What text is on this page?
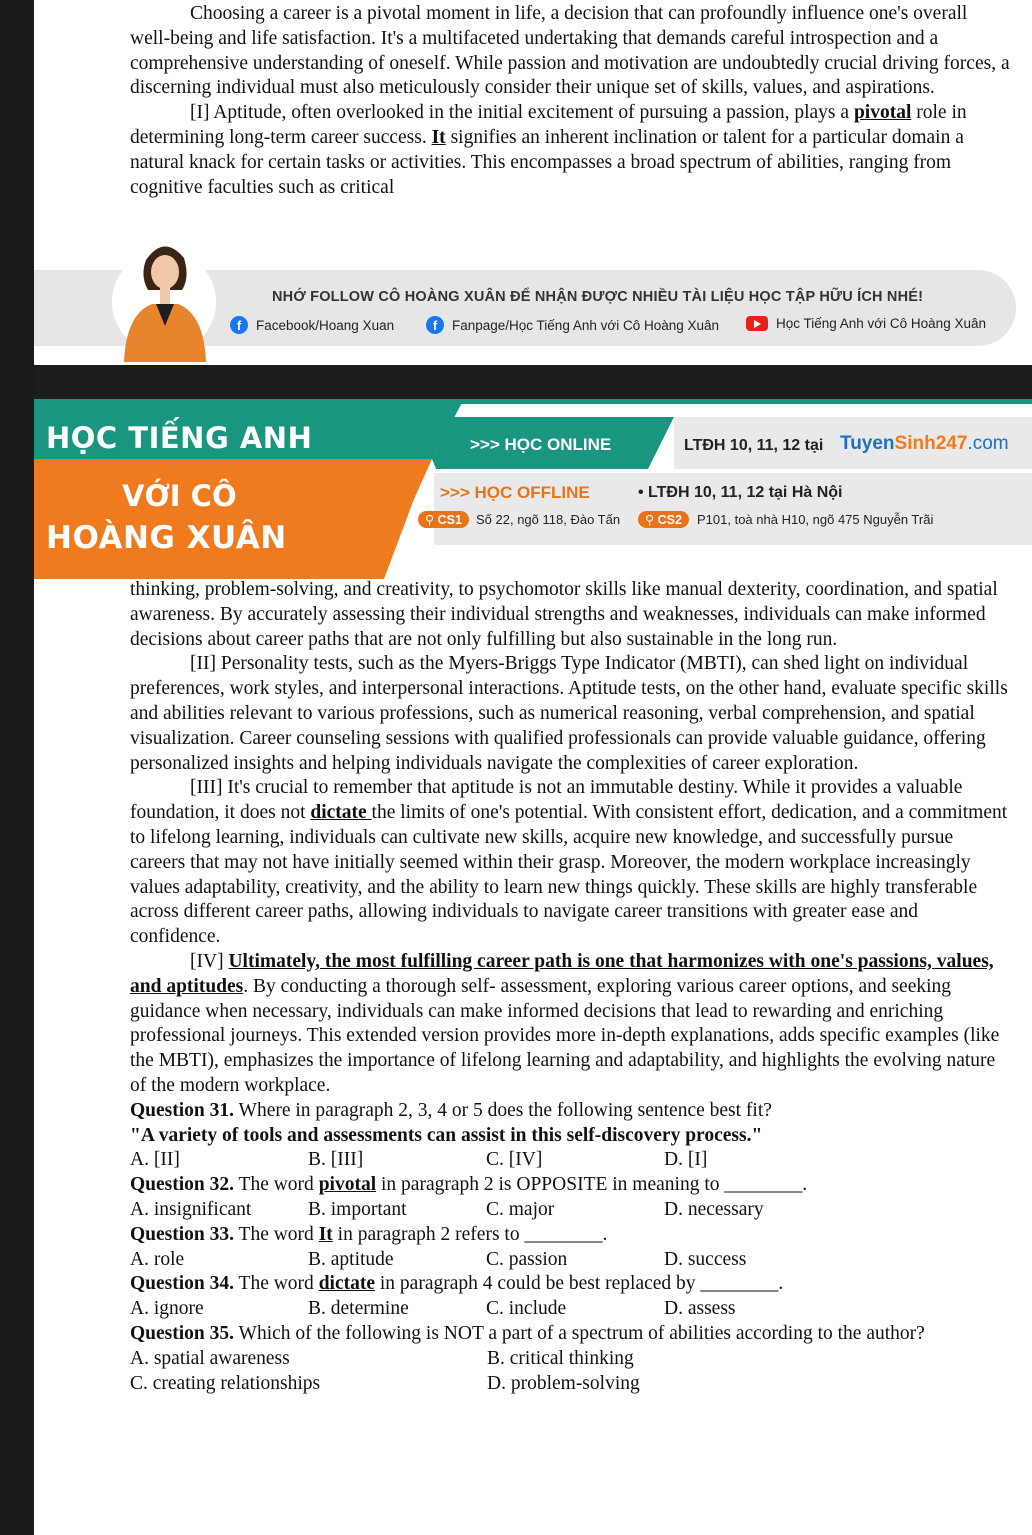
Choosing a career is a pivotal moment in life, a decision that can profoundly influence one's overall well-being and life satisfaction. It's a multifaceted undertaking that demands careful introspection and a comprehensive understanding of oneself. While passion and motivation are undoubtedly crucial driving forces, a discerning individual must also meticulously consider their unique set of skills, values, and aspirations.

[I] Aptitude, often overlooked in the initial excitement of pursuing a passion, plays a pivotal role in determining long-term career success. It signifies an inherent inclination or talent for a particular domain a natural knack for certain tasks or activities. This encompasses a broad spectrum of abilities, ranging from cognitive faculties such as critical

NHỚ FOLLOW CÔ HOÀNG XUÂN ĐỂ NHẬN ĐƯỢC NHIỀU TÀI LIỆU HỌC TẬP HỮU ÍCH NHÉ!
f	Facebook/Hoang Xuan	f	Fanpage/Học Tiếng Anh với Cô Hoàng Xuân	Học Tiếng Anh với Cô Hoàng Xuân
HỌC TIẾNG ANH
VỚI CÔ
HOÀNG XUÂN
>>> HỌC ONLINE	LTĐH 10, 11, 12 tại TuyenSinh247.com
>>> HỌC OFFLINE	• LTĐH 10, 11, 12 tại Hà Nội
⚲ CS1	Số 22, ngõ 118, Đào Tấn	⚲ CS2	P101, toà nhà H10, ngõ 475 Nguyễn Trãi

thinking, problem-solving, and creativity, to psychomotor skills like manual dexterity, coordination, and spatial awareness. By accurately assessing their individual strengths and weaknesses, individuals can make informed decisions about career paths that are not only fulfilling but also sustainable in the long run.

[II] Personality tests, such as the Myers-Briggs Type Indicator (MBTI), can shed light on individual preferences, work styles, and interpersonal interactions. Aptitude tests, on the other hand, evaluate specific skills and abilities relevant to various professions, such as numerical reasoning, verbal comprehension, and spatial visualization. Career counseling sessions with qualified professionals can provide valuable guidance, offering personalized insights and helping individuals navigate the complexities of career exploration.

[III] It's crucial to remember that aptitude is not an immutable destiny. While it provides a valuable foundation, it does not dictate the limits of one's potential. With consistent effort, dedication, and a commitment to lifelong learning, individuals can cultivate new skills, acquire new knowledge, and successfully pursue careers that may not have initially seemed within their grasp. Moreover, the modern workplace increasingly values adaptability, creativity, and the ability to learn new things quickly. These skills are highly transferable across different career paths, allowing individuals to navigate career transitions with greater ease and confidence.

[IV] Ultimately, the most fulfilling career path is one that harmonizes with one's passions, values, and aptitudes. By conducting a thorough self- assessment, exploring various career options, and seeking guidance when necessary, individuals can make informed decisions that lead to rewarding and enriching professional journeys. This extended version provides more in-depth explanations, adds specific examples (like the MBTI), emphasizes the importance of lifelong learning and adaptability, and highlights the evolving nature of the modern workplace.

Question 31. Where in paragraph 2, 3, 4 or 5 does the following sentence best fit?

"A variety of tools and assessments can assist in this self-discovery process."

A. [II]	B. [III]	C. [IV]	D. [I]

Question 32. The word pivotal in paragraph 2 is OPPOSITE in meaning to ________.

A. insignificant	B. important	C. major	D. necessary

Question 33. The word It in paragraph 2 refers to ________.

A. role	B. aptitude	C. passion	D. success

Question 34. The word dictate in paragraph 4 could be best replaced by ________.

A. ignore	B. determine	C. include	D. assess

Question 35. Which of the following is NOT a part of a spectrum of abilities according to the author?

A. spatial awareness	B. critical thinking
C. creating relationships	D. problem-solving
